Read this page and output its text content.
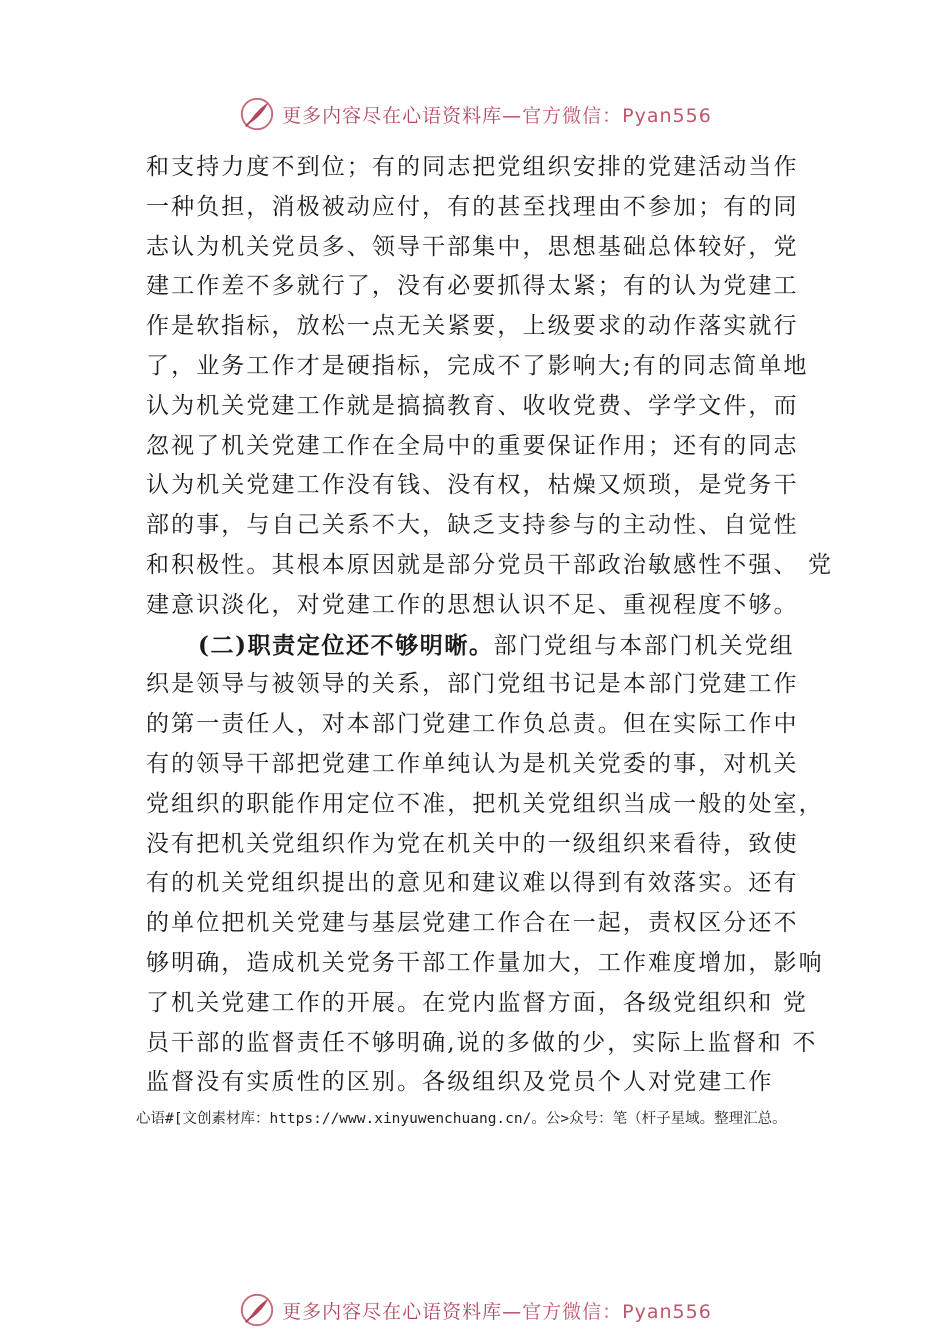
更多内容尽在心语资料库—官方微信：Pyan556
和支持力度不到位；有的同志把党组织安排的党建活动当作
一种负担，消极被动应付，有的甚至找理由不参加；有的同
志认为机关党员多、领导干部集中，思想基础总体较好，党
建工作差不多就行了，没有必要抓得太紧；有的认为党建工
作是软指标，放松一点无关紧要，上级要求的动作落实就行
了，业务工作才是硬指标，完成不了影响大;有的同志简单地
认为机关党建工作就是搞搞教育、收收党费、学学文件，而
忽视了机关党建工作在全局中的重要保证作用；还有的同志
认为机关党建工作没有钱、没有权，枯燥又烦琐，是党务干
部的事，与自己关系不大，缺乏支持参与的主动性、自觉性
和积极性。其根本原因就是部分党员干部政治敏感性不强、 党
建意识淡化，对党建工作的思想认识不足、重视程度不够。
(二)职责定位还不够明晰。部门党组与本部门机关党组
织是领导与被领导的关系，部门党组书记是本部门党建工作
的第一责任人，对本部门党建工作负总责。但在实际工作中
有的领导干部把党建工作单纯认为是机关党委的事，对机关
党组织的职能作用定位不准，把机关党组织当成一般的处室，
没有把机关党组织作为党在机关中的一级组织来看待，致使
有的机关党组织提出的意见和建议难以得到有效落实。还有
的单位把机关党建与基层党建工作合在一起，责权区分还不
够明确，造成机关党务干部工作量加大，工作难度增加，影响
了机关党建工作的开展。在党内监督方面，各级党组织和 党
员干部的监督责任不够明确,说的多做的少，实际上监督和 不
监督没有实质性的区别。各级组织及党员个人对党建工作
心语#[文创素材库：https://www.xinyuwenchuang.cn/。公>众号：笔（杆子星域。整理汇总。
更多内容尽在心语资料库—官方微信：Pyan556
